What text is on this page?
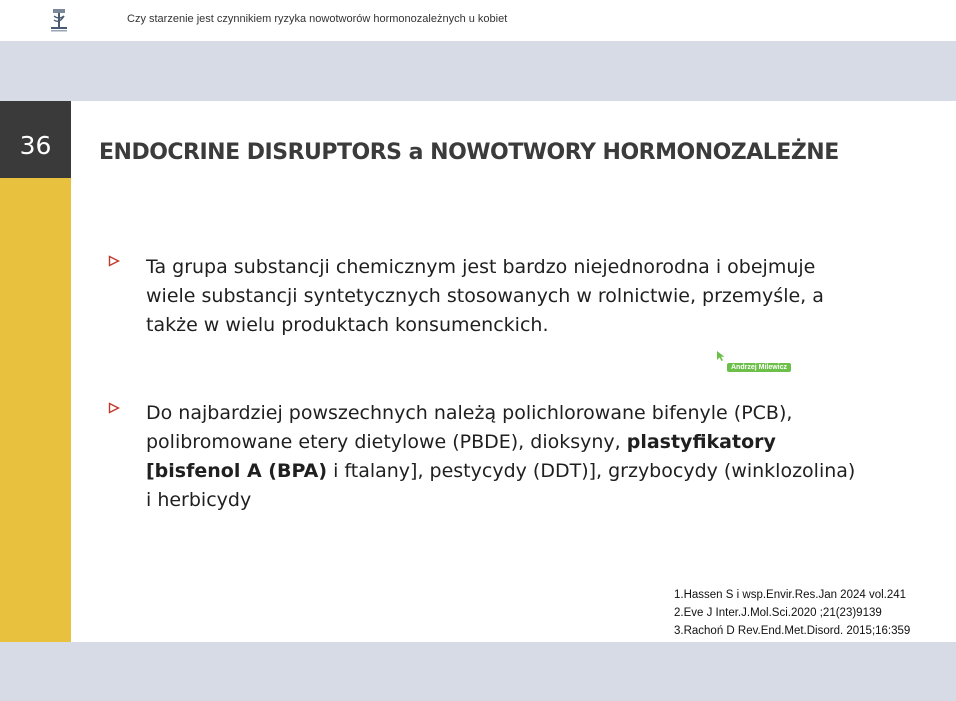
Czy starzenie jest czynnikiem ryzyka nowotworów hormonozależnych u kobiet
36	ENDOCRINE DISRUPTORS a NOWOTWORY HORMONOZALEŻNE
Ta grupa substancji chemicznym jest bardzo niejednorodna i obejmuje wiele substancji syntetycznych stosowanych w rolnictwie, przemyśle, a także w wielu produktach konsumenckich.
Do najbardziej powszechnych należą polichlorowane bifenyle (PCB), polibromowane etery dietylowe (PBDE), dioksyny, plastyfikatory [bisfenol A (BPA) i ftalany], pestycydy (DDT)], grzybocydy (winklozolina) i herbicydy
1.Hassen S i wsp.Envir.Res.Jan 2024 vol.241
2.Eve J Inter.J.Mol.Sci.2020 ;21(23)9139
3.Rachoń D Rev.End.Met.Disord. 2015;16:359
Andrzej Milewicz
